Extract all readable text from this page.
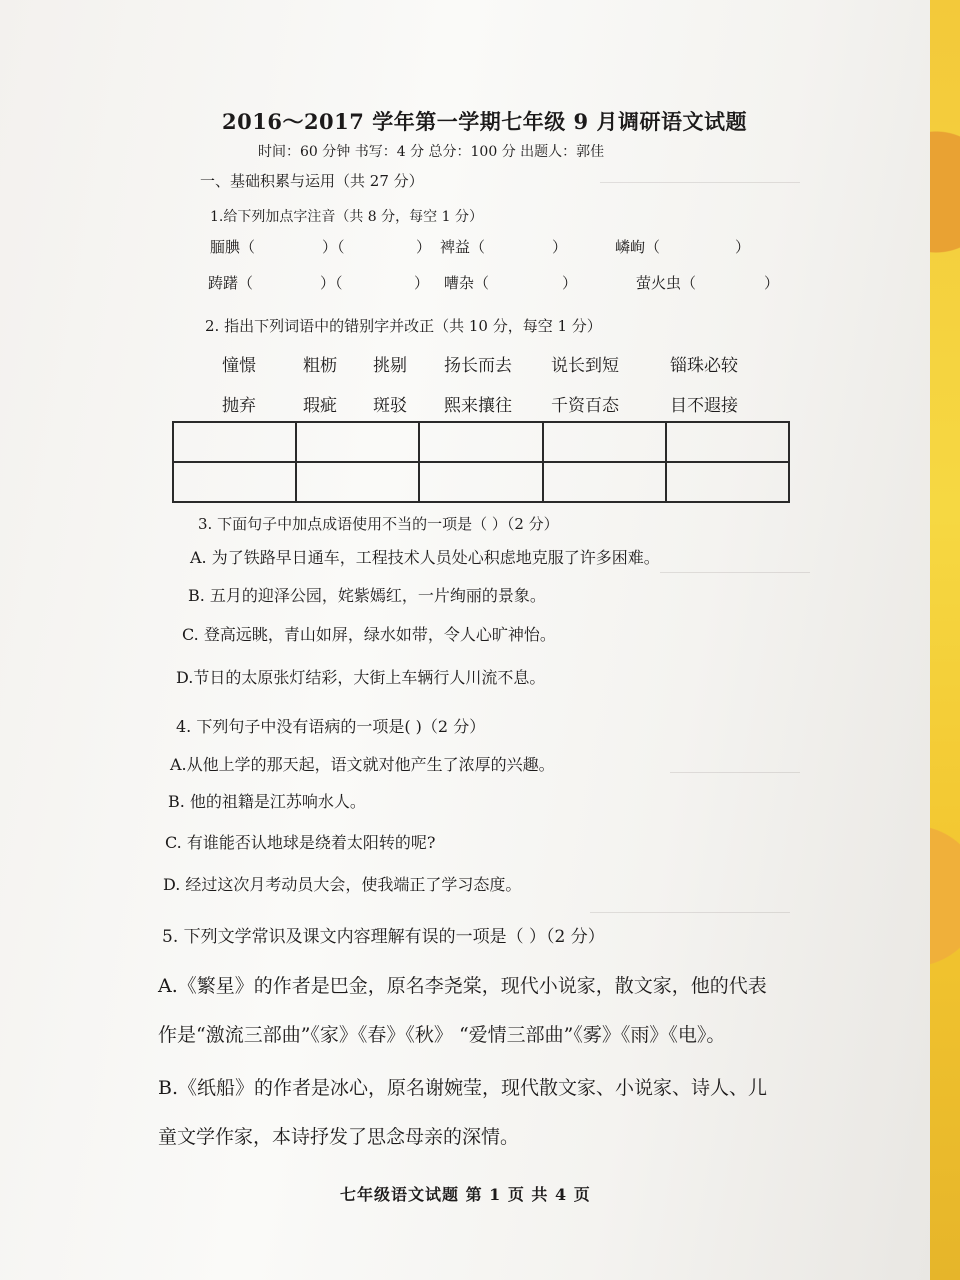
2016～2017 学年第一学期七年级 9 月调研语文试题
时间：60 分钟 书写：4 分 总分：100 分 出题人：郭佳
一、基础积累与运用（共 27 分）
1.给下列加点字注音（共 8 分，每空 1 分）
腼腆（	）（	） 裨益（	）	嶙峋（	）
踌躇（	）（	） 嘈杂（	）	萤火虫（	）
2. 指出下列词语中的错别字并改正（共 10 分，每空 1 分）
憧憬	粗枥 挑剔 扬长而去 说长到短	锱珠必较
抛弃	瑕疵 斑驳 熙来攘往 千资百态	目不遐接

3. 下面句子中加点成语使用不当的一项是（ ）（2 分）
A. 为了铁路早日通车，工程技术人员处心积虑地克服了许多困难。
B. 五月的迎泽公园，姹紫嫣红，一片绚丽的景象。
C. 登高远眺，青山如屏，绿水如带，令人心旷神怡。
D.节日的太原张灯结彩，大街上车辆行人川流不息。
4. 下列句子中没有语病的一项是( )（2 分）
A.从他上学的那天起，语文就对他产生了浓厚的兴趣。
B. 他的祖籍是江苏响水人。
C. 有谁能否认地球是绕着太阳转的呢?
D. 经过这次月考动员大会，使我端正了学习态度。
5. 下列文学常识及课文内容理解有误的一项是（ ）（2 分）
A.《繁星》的作者是巴金，原名李尧棠，现代小说家，散文家，他的代表
作是“激流三部曲”《家》《春》《秋》 “爱情三部曲”《雾》《雨》《电》。
B.《纸船》的作者是冰心，原名谢婉莹，现代散文家、小说家、诗人、儿
童文学作家，本诗抒发了思念母亲的深情。
七年级语文试题 第 1 页 共 4 页
